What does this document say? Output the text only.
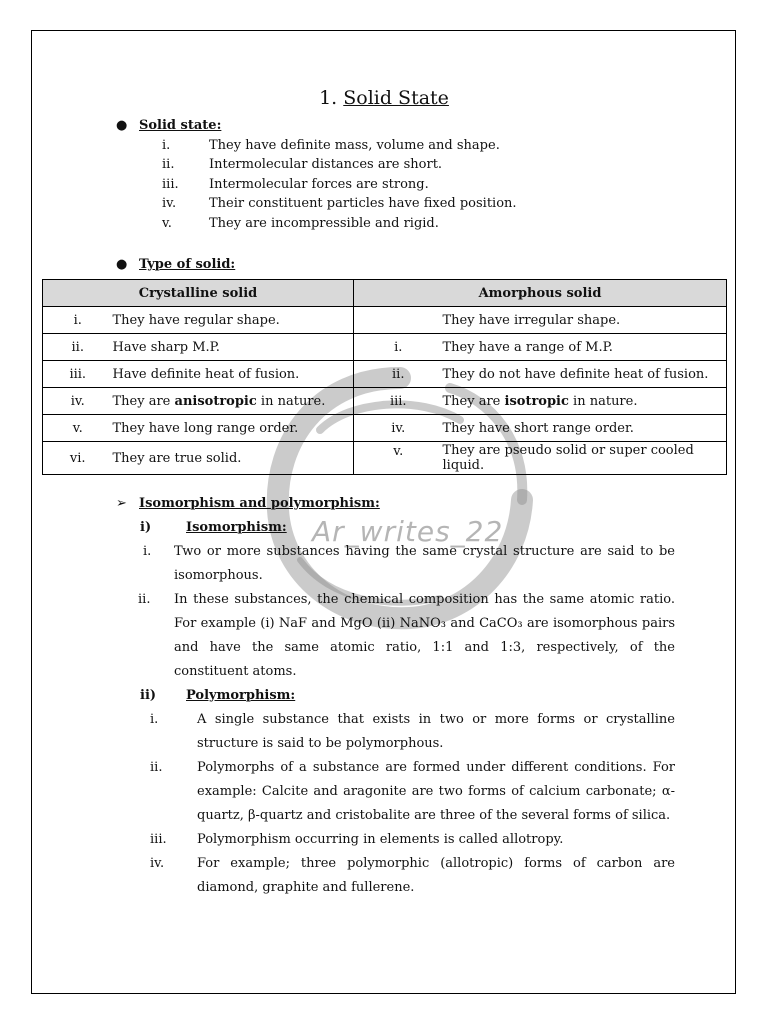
Ar_writes_22
1. Solid State
● Solid state:
i.	They have definite mass, volume and shape.
ii.	Intermolecular distances are short.
iii. Intermolecular forces are strong.
iv.	Their constituent particles have fixed position.
v.	They are incompressible and rigid.
● Type of solid:
Crystalline solid		Amorphous solid	
i.	They have regular shape.		They have irregular shape.
ii.	Have sharp M.P.	i.	They have a range of M.P.
iii.	Have definite heat of fusion.	ii.	They do not have definite heat of fusion.
iv.	They are anisotropic in nature.	iii.	They are isotropic in nature.
v.	They have long range order.	iv.	They have short range order.
vi.	They are true solid.	v.	They are pseudo solid or super cooled liquid.
➢ Isomorphism and polymorphism:
i)	Isomorphism:
i. Two or more substances having the same crystal structure are said to be isomorphous.
ii. In these substances, the chemical composition has the same atomic ratio. For example (i) NaF and MgO (ii) NaNO₃ and CaCO₃ are isomorphous pairs and have the same atomic ratio, 1:1 and 1:3, respectively, of the constituent atoms.
ii) Polymorphism:
i.	A single substance that exists in two or more forms or crystalline structure is said to be polymorphous.
ii.	Polymorphs of a substance are formed under different conditions. For example: Calcite and aragonite are two forms of calcium carbonate; α-quartz, β-quartz and cristobalite are three of the several forms of silica.
iii. Polymorphism occurring in elements is called allotropy.
iv.	For example; three polymorphic (allotropic) forms of carbon are diamond, graphite and fullerene.
